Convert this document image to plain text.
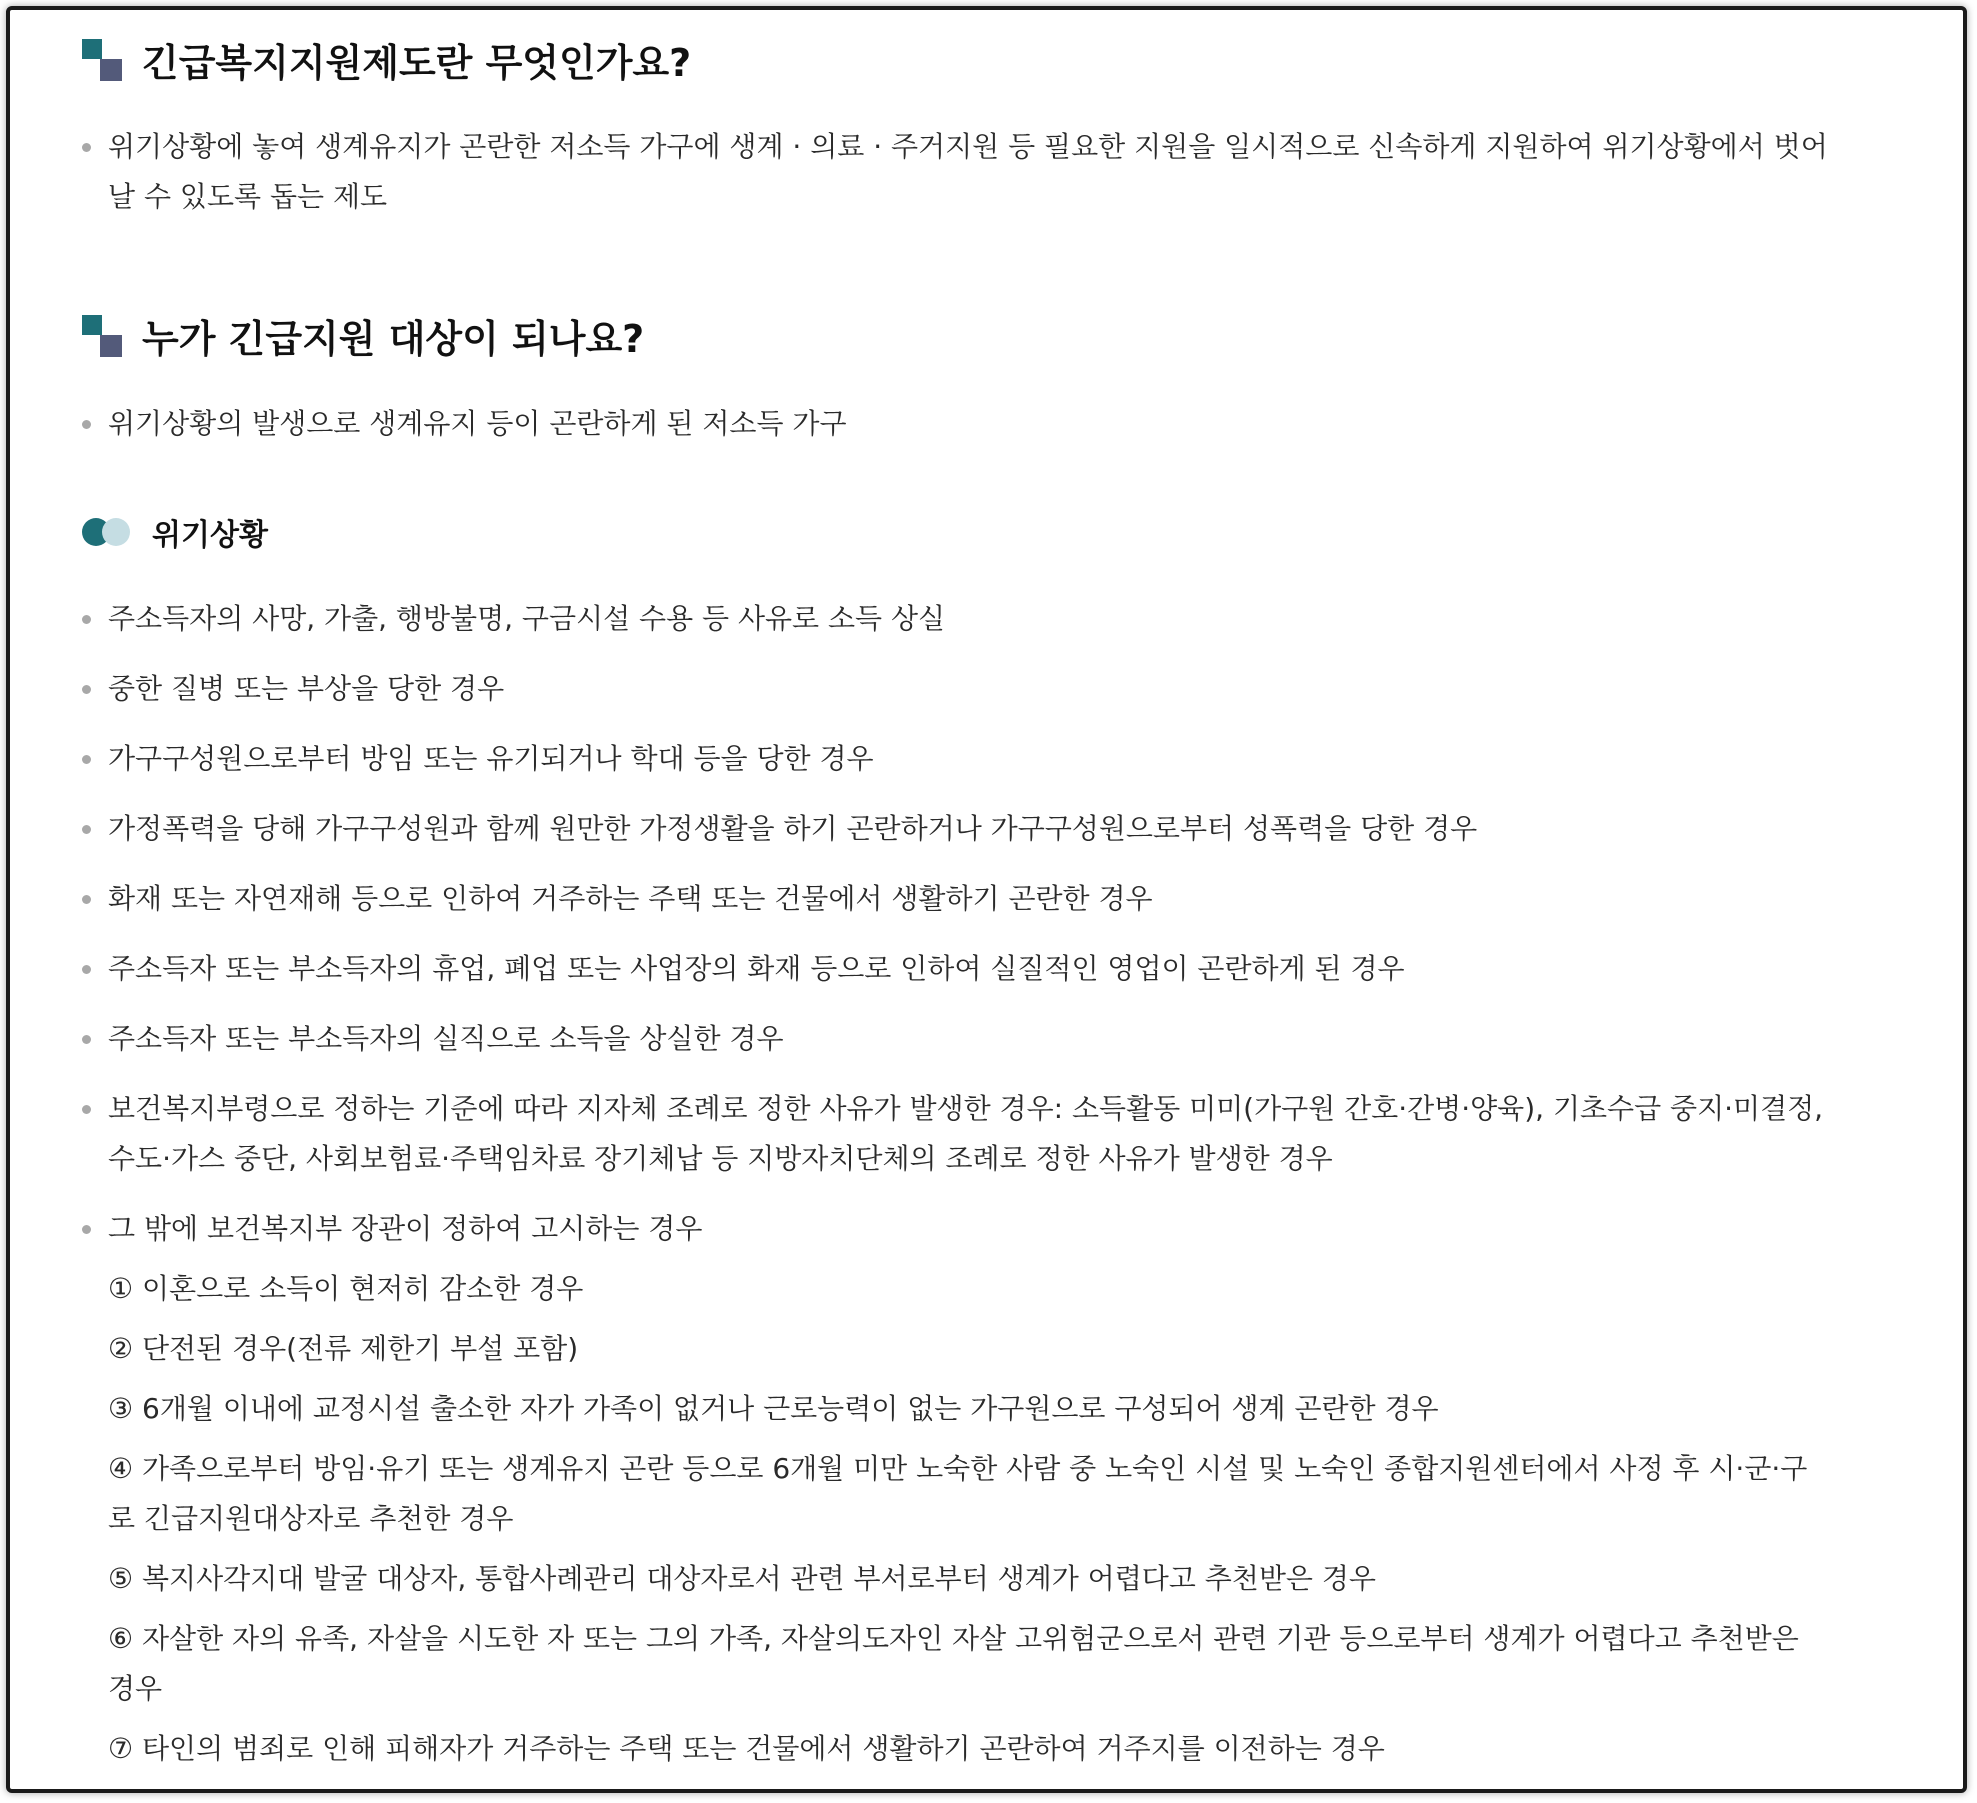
긴급복지지원제도란 무엇인가요?
위기상황에 놓여 생계유지가 곤란한 저소득 가구에 생계 · 의료 · 주거지원 등 필요한 지원을 일시적으로 신속하게 지원하여 위기상황에서 벗어날 수 있도록 돕는 제도
누가 긴급지원 대상이 되나요?
위기상황의 발생으로 생계유지 등이 곤란하게 된 저소득 가구
위기상황
주소득자의 사망, 가출, 행방불명, 구금시설 수용 등 사유로 소득 상실
중한 질병 또는 부상을 당한 경우
가구구성원으로부터 방임 또는 유기되거나 학대 등을 당한 경우
가정폭력을 당해 가구구성원과 함께 원만한 가정생활을 하기 곤란하거나 가구구성원으로부터 성폭력을 당한 경우
화재 또는 자연재해 등으로 인하여 거주하는 주택 또는 건물에서 생활하기 곤란한 경우
주소득자 또는 부소득자의 휴업, 폐업 또는 사업장의 화재 등으로 인하여 실질적인 영업이 곤란하게 된 경우
주소득자 또는 부소득자의 실직으로 소득을 상실한 경우
보건복지부령으로 정하는 기준에 따라 지자체 조례로 정한 사유가 발생한 경우: 소득활동 미미(가구원 간호·간병·양육), 기초수급 중지·미결정, 수도·가스 중단, 사회보험료·주택임차료 장기체납 등 지방자치단체의 조례로 정한 사유가 발생한 경우
그 밖에 보건복지부 장관이 정하여 고시하는 경우
① 이혼으로 소득이 현저히 감소한 경우
② 단전된 경우(전류 제한기 부설 포함)
③ 6개월 이내에 교정시설 출소한 자가 가족이 없거나 근로능력이 없는 가구원으로 구성되어 생계 곤란한 경우
④ 가족으로부터 방임·유기 또는 생계유지 곤란 등으로 6개월 미만 노숙한 사람 중 노숙인 시설 및 노숙인 종합지원센터에서 사정 후 시·군·구로 긴급지원대상자로 추천한 경우
⑤ 복지사각지대 발굴 대상자, 통합사례관리 대상자로서 관련 부서로부터 생계가 어렵다고 추천받은 경우
⑥ 자살한 자의 유족, 자살을 시도한 자 또는 그의 가족, 자살의도자인 자살 고위험군으로서 관련 기관 등으로부터 생계가 어렵다고 추천받은 경우
⑦ 타인의 범죄로 인해 피해자가 거주하는 주택 또는 건물에서 생활하기 곤란하여 거주지를 이전하는 경우
